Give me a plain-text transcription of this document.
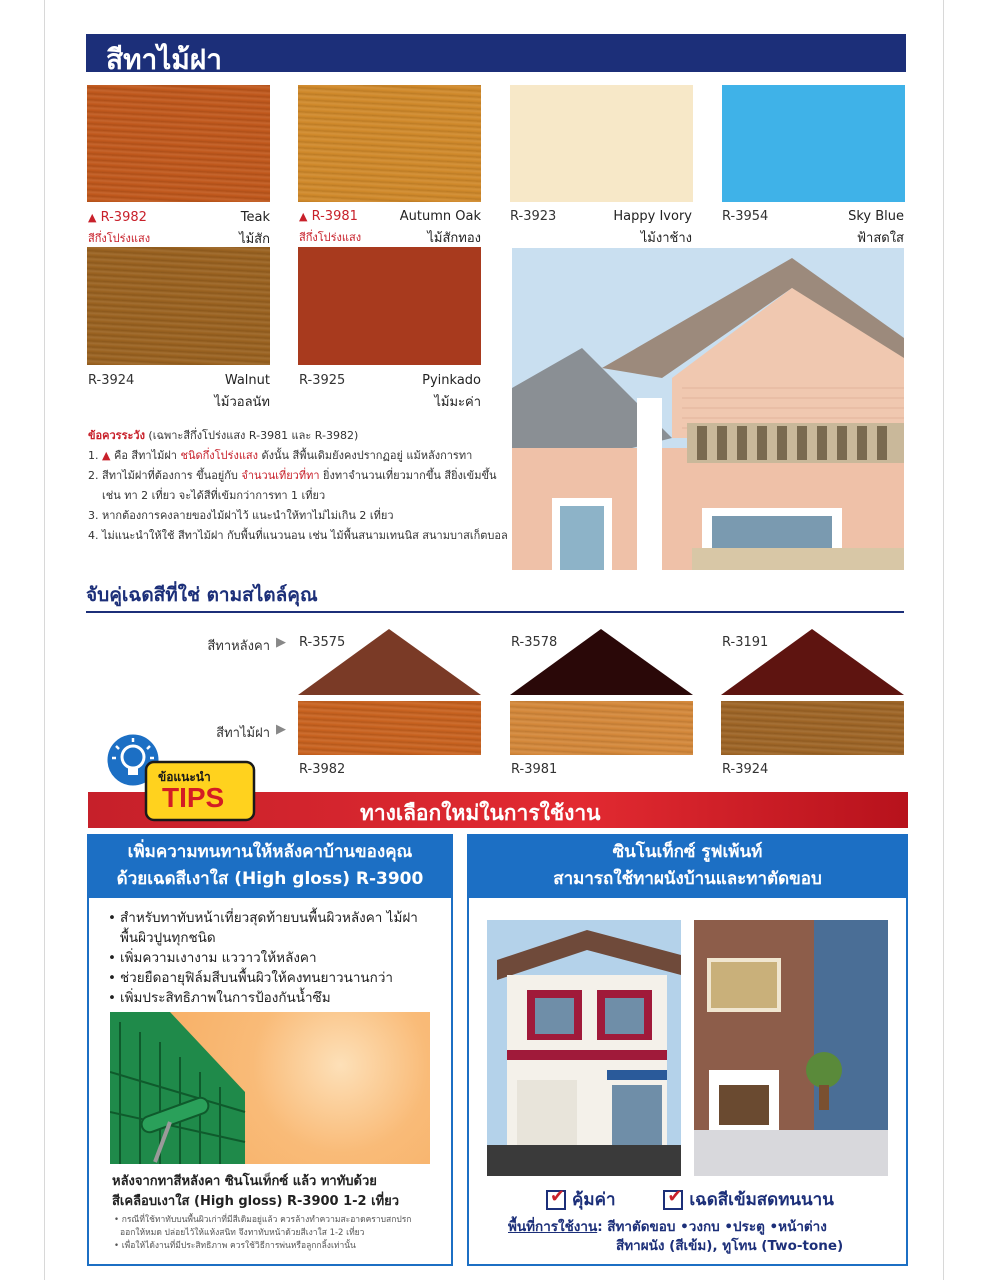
สีทาไม้ฝา
▲ R-3982
สีกึ่งโปร่งแสง
Teak
ไม้สัก
▲ R-3981
สีกึ่งโปร่งแสง
Autumn Oak
ไม้สักทอง
R-3923	Happy Ivory
ไม้งาช้าง
R-3954	Sky Blue
ฟ้าสดใส
R-3924	Walnut
ไม้วอลนัท
R-3925	Pyinkado
ไม้มะค่า
ข้อควรระวัง (เฉพาะสีกึ่งโปร่งแสง R-3981 และ R-3982)
1. ▲ คือ สีทาไม้ฝา ชนิดกึ่งโปร่งแสง ดังนั้น สีพื้นเดิมยังคงปรากฏอยู่ แม้หลังการทา
2. สีทาไม้ฝาที่ต้องการ ขึ้นอยู่กับ จำนวนเที่ยวที่ทา ยิ่งทาจำนวนเที่ยวมากขึ้น สียิ่งเข้มขึ้น
เช่น ทา 2 เที่ยว จะได้สีที่เข้มกว่าการทา 1 เที่ยว
3. หากต้องการคงลายของไม้ฝาไว้ แนะนำให้ทาไม่ไม่เกิน 2 เที่ยว
4. ไม่แนะนำให้ใช้ สีทาไม้ฝา กับพื้นที่แนวนอน เช่น ไม้พื้นสนามเทนนิส สนามบาสเก็ตบอล
จับคู่เฉดสีที่ใช่ ตามสไตล์คุณ
สีทาหลังคา ▶
สีทาไม้ฝา ▶
R-3575	R-3578	R-3191
R-3982	R-3981	R-3924
ทางเลือกใหม่ในการใช้งาน
ข้อแนะนำ
TIPS
เพิ่มความทนทานให้หลังคาบ้านของคุณ
ด้วยเฉดสีเงาใส (High gloss) R-3900
• สำหรับทาทับหน้าเที่ยวสุดท้ายบนพื้นผิวหลังคา ไม้ฝา
พื้นผิวปูนทุกชนิด
• เพิ่มความเงางาม แววาวให้หลังคา
• ช่วยยืดอายุฟิล์มสีบนพื้นผิวให้คงทนยาวนานกว่า
• เพิ่มประสิทธิภาพในการป้องกันน้ำซึม
หลังจากทาสีหลังคา ซินโนเท็กซ์ แล้ว ทาทับด้วย
สีเคลือบเงาใส (High gloss) R-3900 1-2 เที่ยว
• กรณีที่ใช้ทาทับบนพื้นผิวเก่าที่มีสีเดิมอยู่แล้ว ควรล้างทำความสะอาดคราบสกปรก
ออกให้หมด ปล่อยไว้ให้แห้งสนิท จึงทาทับหน้าด้วยสีเงาใส 1-2 เที่ยว
• เพื่อให้ได้งานที่มีประสิทธิภาพ ควรใช้วิธีการพ่นหรือลูกกลิ้งเท่านั้น
ซินโนเท็กซ์ รูฟเพ้นท์
สามารถใช้ทาผนังบ้านและทาตัดขอบ
✔คุ้มค่า  ✔	เฉดสีเข้มสดทนนาน
พื้นที่การใช้งาน: สีทาตัดขอบ •วงกบ •ประตู •หน้าต่าง
สีทาผนัง (สีเข้ม), ทูโทน (Two-tone)
